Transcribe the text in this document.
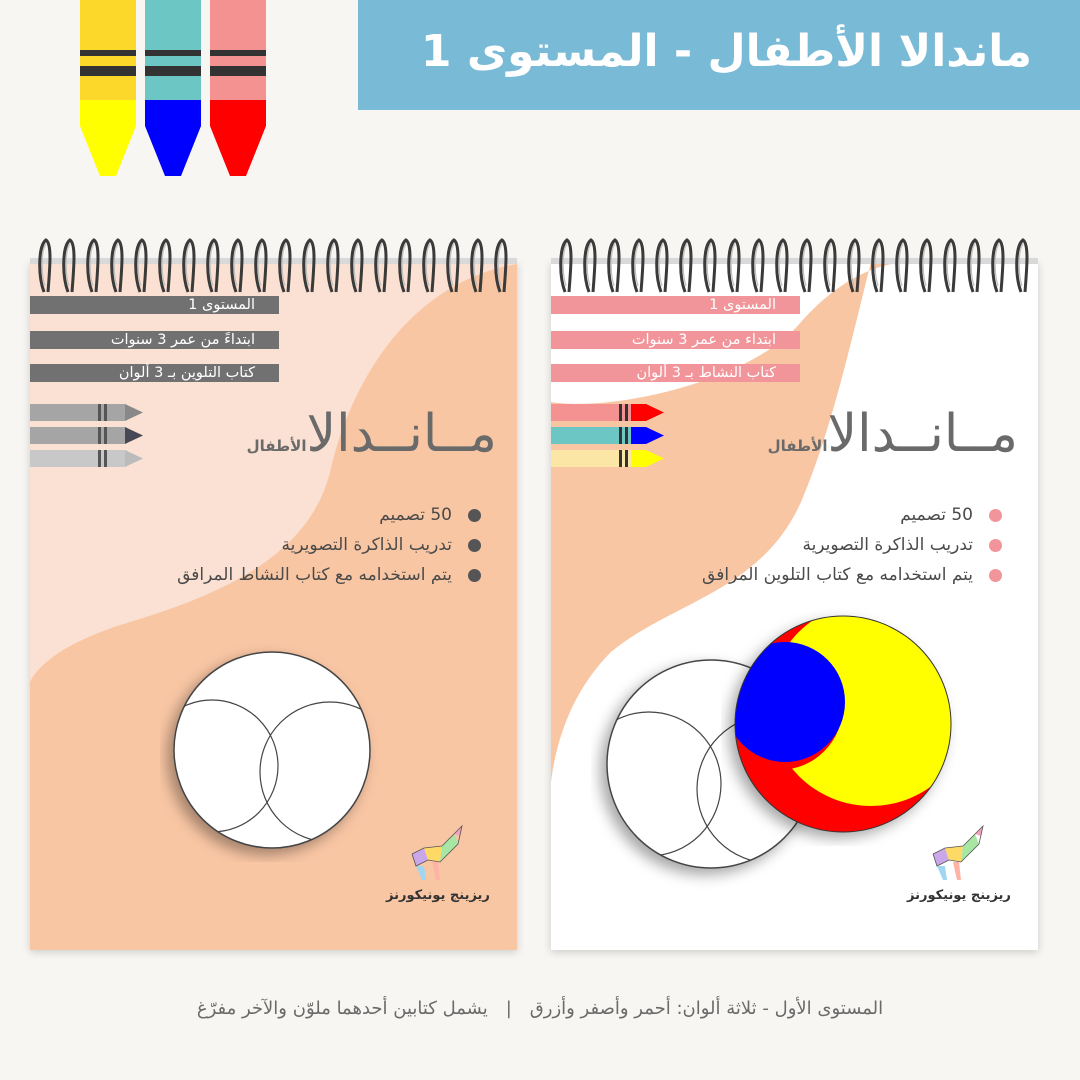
ماندالا الأطفال - المستوى 1
المستوى 1
ابتداءً من عمر 3 سنوات
كتاب التلوين بـ 3 ألوان
مــانــدالاالأطفال
50 تصميم
تدريب الذاكرة التصويرية
يتم استخدامه مع كتاب النشاط المرافق
ريزينج يونيكورنز
المستوى 1
ابتداء من عمر 3 سنوات
كتاب النشاط بـ 3 ألوان
مــانــدالاالأطفال
50 تصميم
تدريب الذاكرة التصويرية
يتم استخدامه مع كتاب التلوين المرافق
ريزينج يونيكورنز
المستوى الأول - ثلاثة ألوان: أحمر وأصفر وأزرق|يشمل كتابين أحدهما ملوّن والآخر مفرّغ
